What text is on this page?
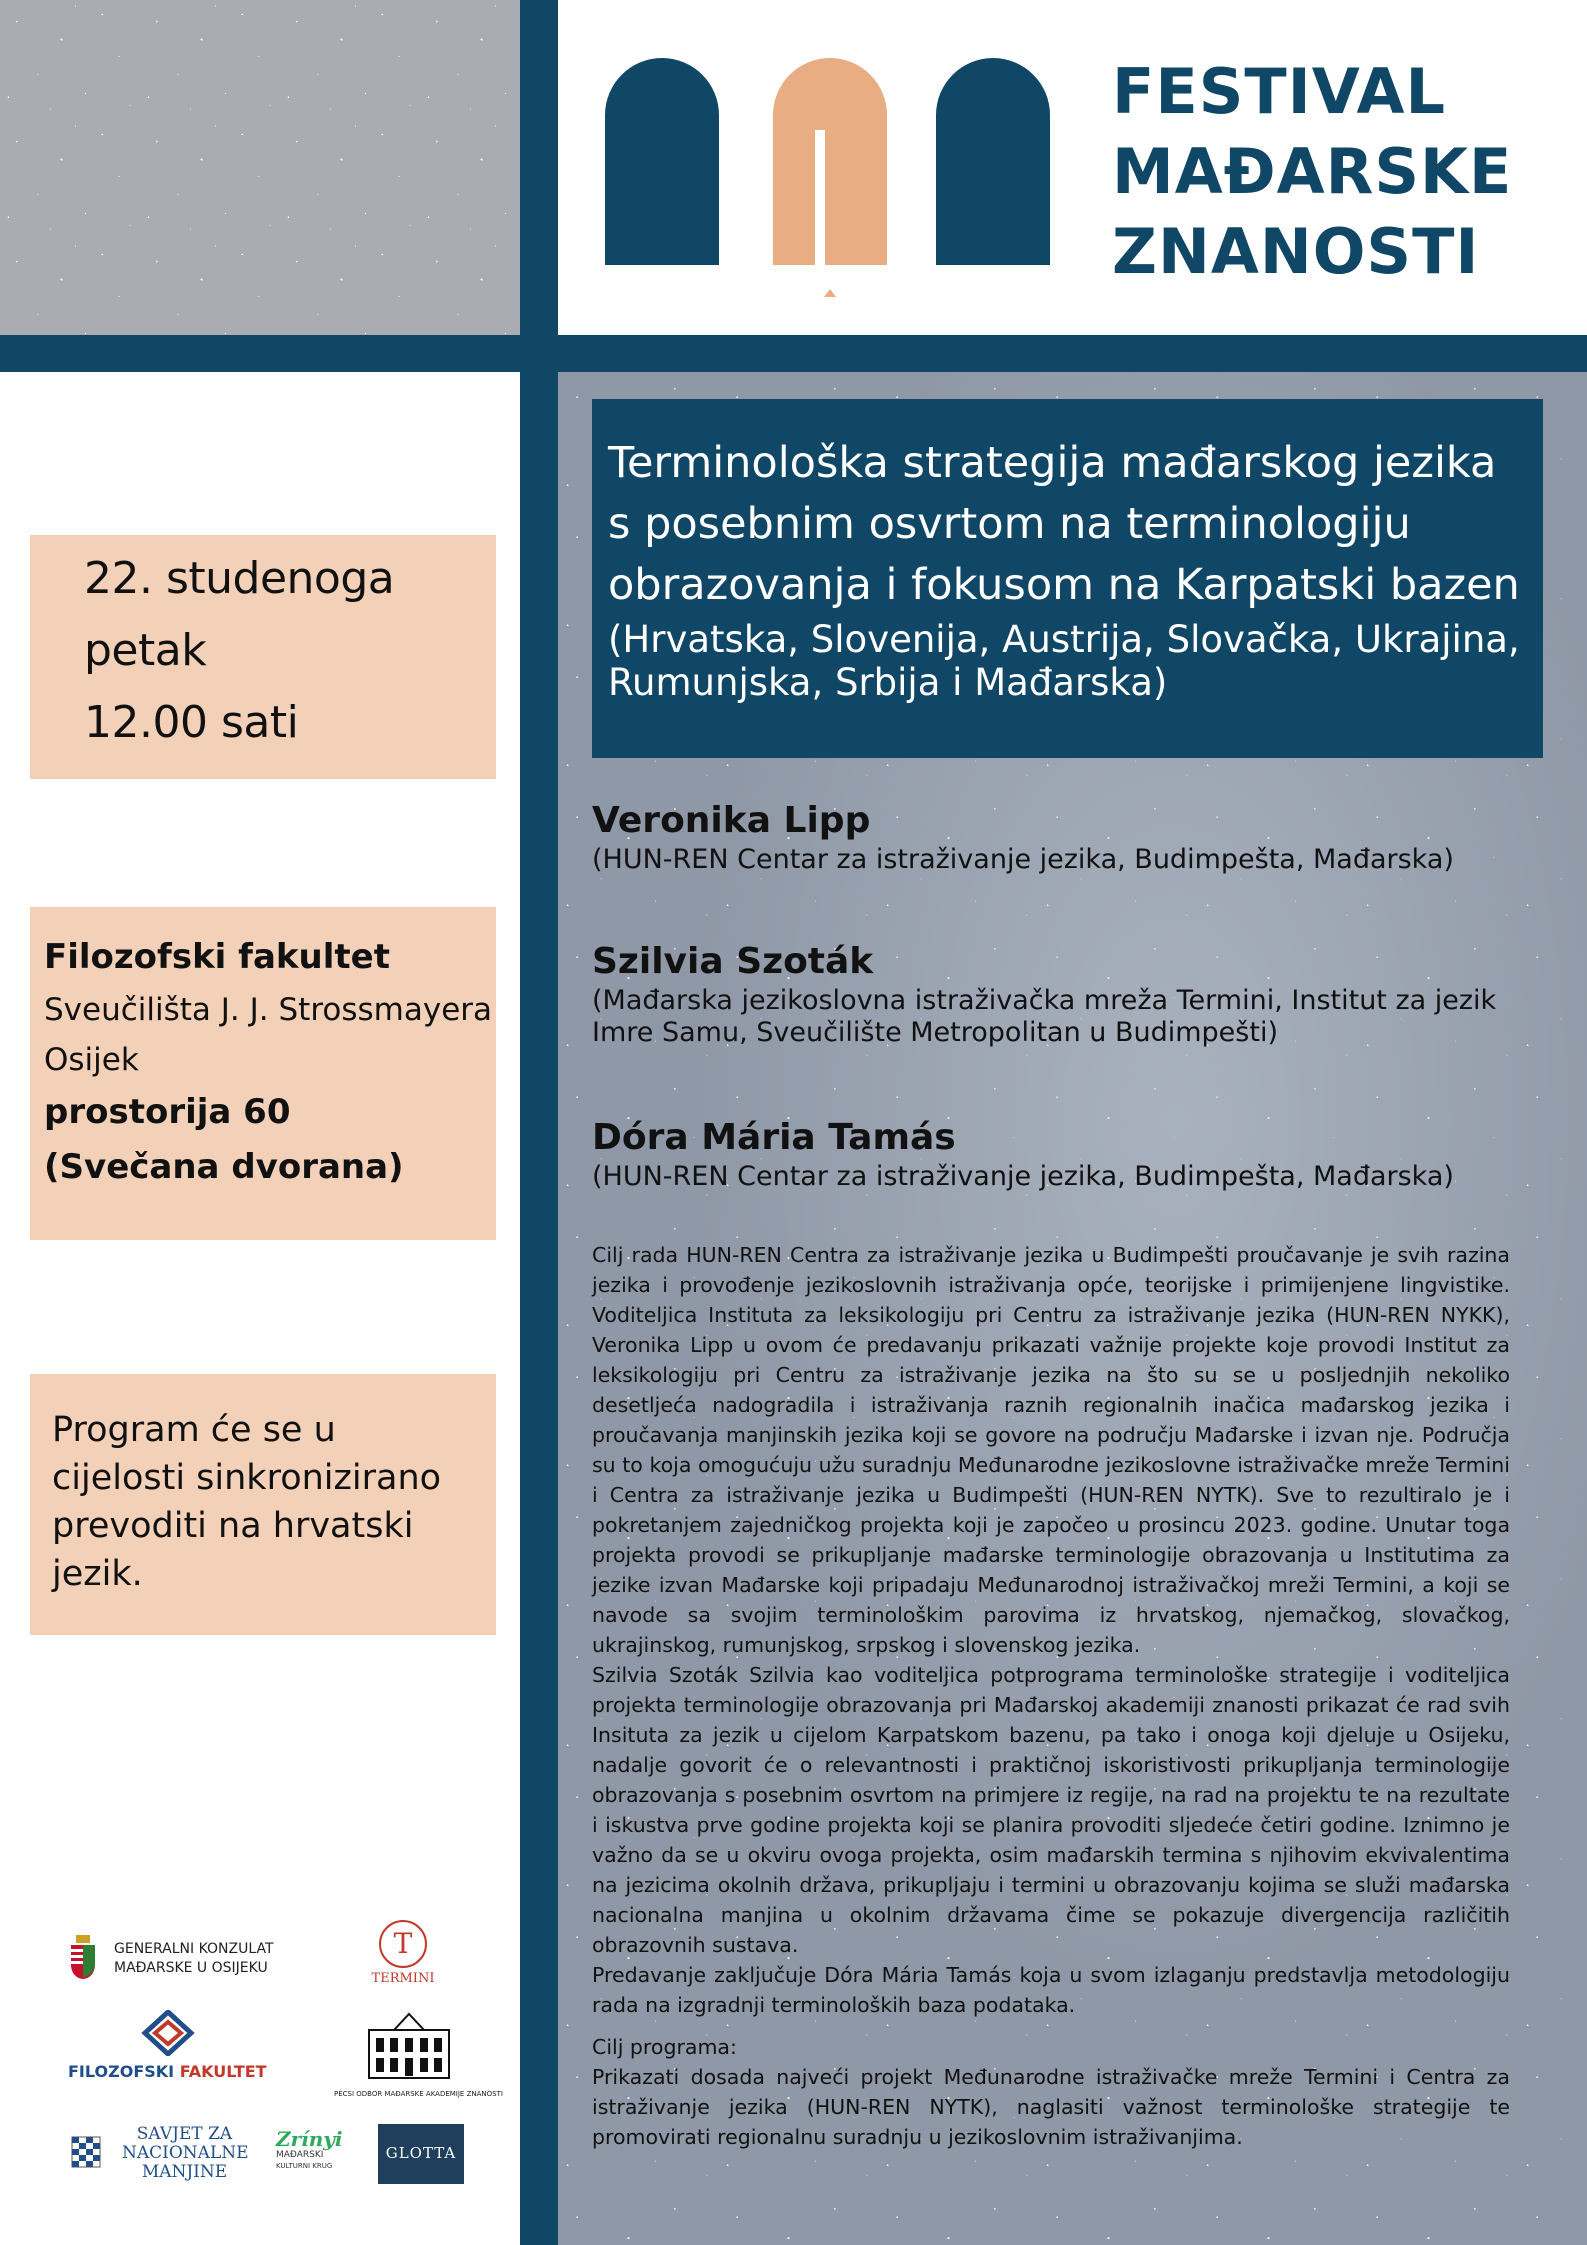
FESTIVAL
MAĐARSKE
ZNANOSTI
22. studenoga
petak
12.00 sati
Filozofski fakultet
Sveučilišta J. J. Strossmayera
Osijek
prostorija 60
(Svečana dvorana)
Program će se u cijelosti sinkronizirano prevoditi na hrvatski jezik.
Terminološka strategija mađarskog jezika s posebnim osvrtom na terminologiju obrazovanja i fokusom na Karpatski bazen
(Hrvatska, Slovenija, Austrija, Slovačka, Ukrajina, Rumunjska, Srbija i Mađarska)
Veronika Lipp
(HUN-REN Centar za istraživanje jezika, Budimpešta, Mađarska)
Szilvia Szoták
(Mađarska jezikoslovna istraživačka mreža Termini, Institut za jezik Imre Samu, Sveučilište Metropolitan u Budimpešti)
Dóra Mária Tamás
(HUN-REN Centar za istraživanje jezika, Budimpešta, Mađarska)

Cilj rada HUN-REN Centra za istraživanje jezika u Budimpešti proučavanje je svih razina jezika i provođenje jezikoslovnih istraživanja opće, teorijske i primijenjene lingvistike. Voditeljica Instituta za leksikologiju pri Centru za istraživanje jezika (HUN-REN NYKK), Veronika Lipp u ovom će predavanju prikazati važnije projekte koje provodi Institut za leksikologiju pri Centru za istraživanje jezika na što su se u posljednjih nekoliko desetljeća nadogradila i istraživanja raznih regionalnih inačica mađarskog jezika i proučavanja manjinskih jezika koji se govore na području Mađarske i izvan nje. Područja su to koja omogućuju užu suradnju Međunarodne jezikoslovne istraživačke mreže Termini i Centra za istraživanje jezika u Budimpešti (HUN-REN NYTK). Sve to rezultiralo je i pokretanjem zajedničkog projekta koji je započeo u prosincu 2023. godine. Unutar toga projekta provodi se prikupljanje mađarske terminologije obrazovanja u Institutima za jezike izvan Mađarske koji pripadaju Međunarodnoj istraživačkoj mreži Termini, a koji se navode sa svojim terminološkim parovima iz hrvatskog, njemačkog, slovačkog, ukrajinskog, rumunjskog, srpskog i slovenskog jezika.

Szilvia Szoták Szilvia kao voditeljica potprograma terminološke strategije i voditeljica projekta terminologije obrazovanja pri Mađarskoj akademiji znanosti prikazat će rad svih Insituta za jezik u cijelom Karpatskom bazenu, pa tako i onoga koji djeluje u Osijeku, nadalje govorit će o relevantnosti i praktičnoj iskoristivosti prikupljanja terminologije obrazovanja s posebnim osvrtom na primjere iz regije, na rad na projektu te na rezultate i iskustva prve godine projekta koji se planira provoditi sljedeće četiri godine. Iznimno je važno da se u okviru ovoga projekta, osim mađarskih termina s njihovim ekvivalentima na jezicima okolnih država, prikupljaju i termini u obrazovanju kojima se služi mađarska nacionalna manjina u okolnim državama čime se pokazuje divergencija različitih obrazovnih sustava.

Predavanje zaključuje Dóra Mária Tamás koja u svom izlaganju predstavlja metodologiju rada na izgradnji terminoloških baza podataka.

Cilj programa:

Prikazati dosada najveći projekt Međunarodne istraživačke mreže Termini i Centra za istraživanje jezika (HUN-REN NYTK), naglasiti važnost terminološke strategije te promovirati regionalnu suradnju u jezikoslovnim istraživanjima.

GENERALNI KONZULAT
MAĐARSKE U OSIJEKU
T
TERMINI
FILOZOFSKI FAKULTET
PÉCSI ODBOR MAĐARSKE AKADEMIJE ZNANOSTI
SAVJET ZA
NACIONALNE
MANJINE
Zrínyi
MAĐARSKI
KULTURNI KRUG
GLOTTA
